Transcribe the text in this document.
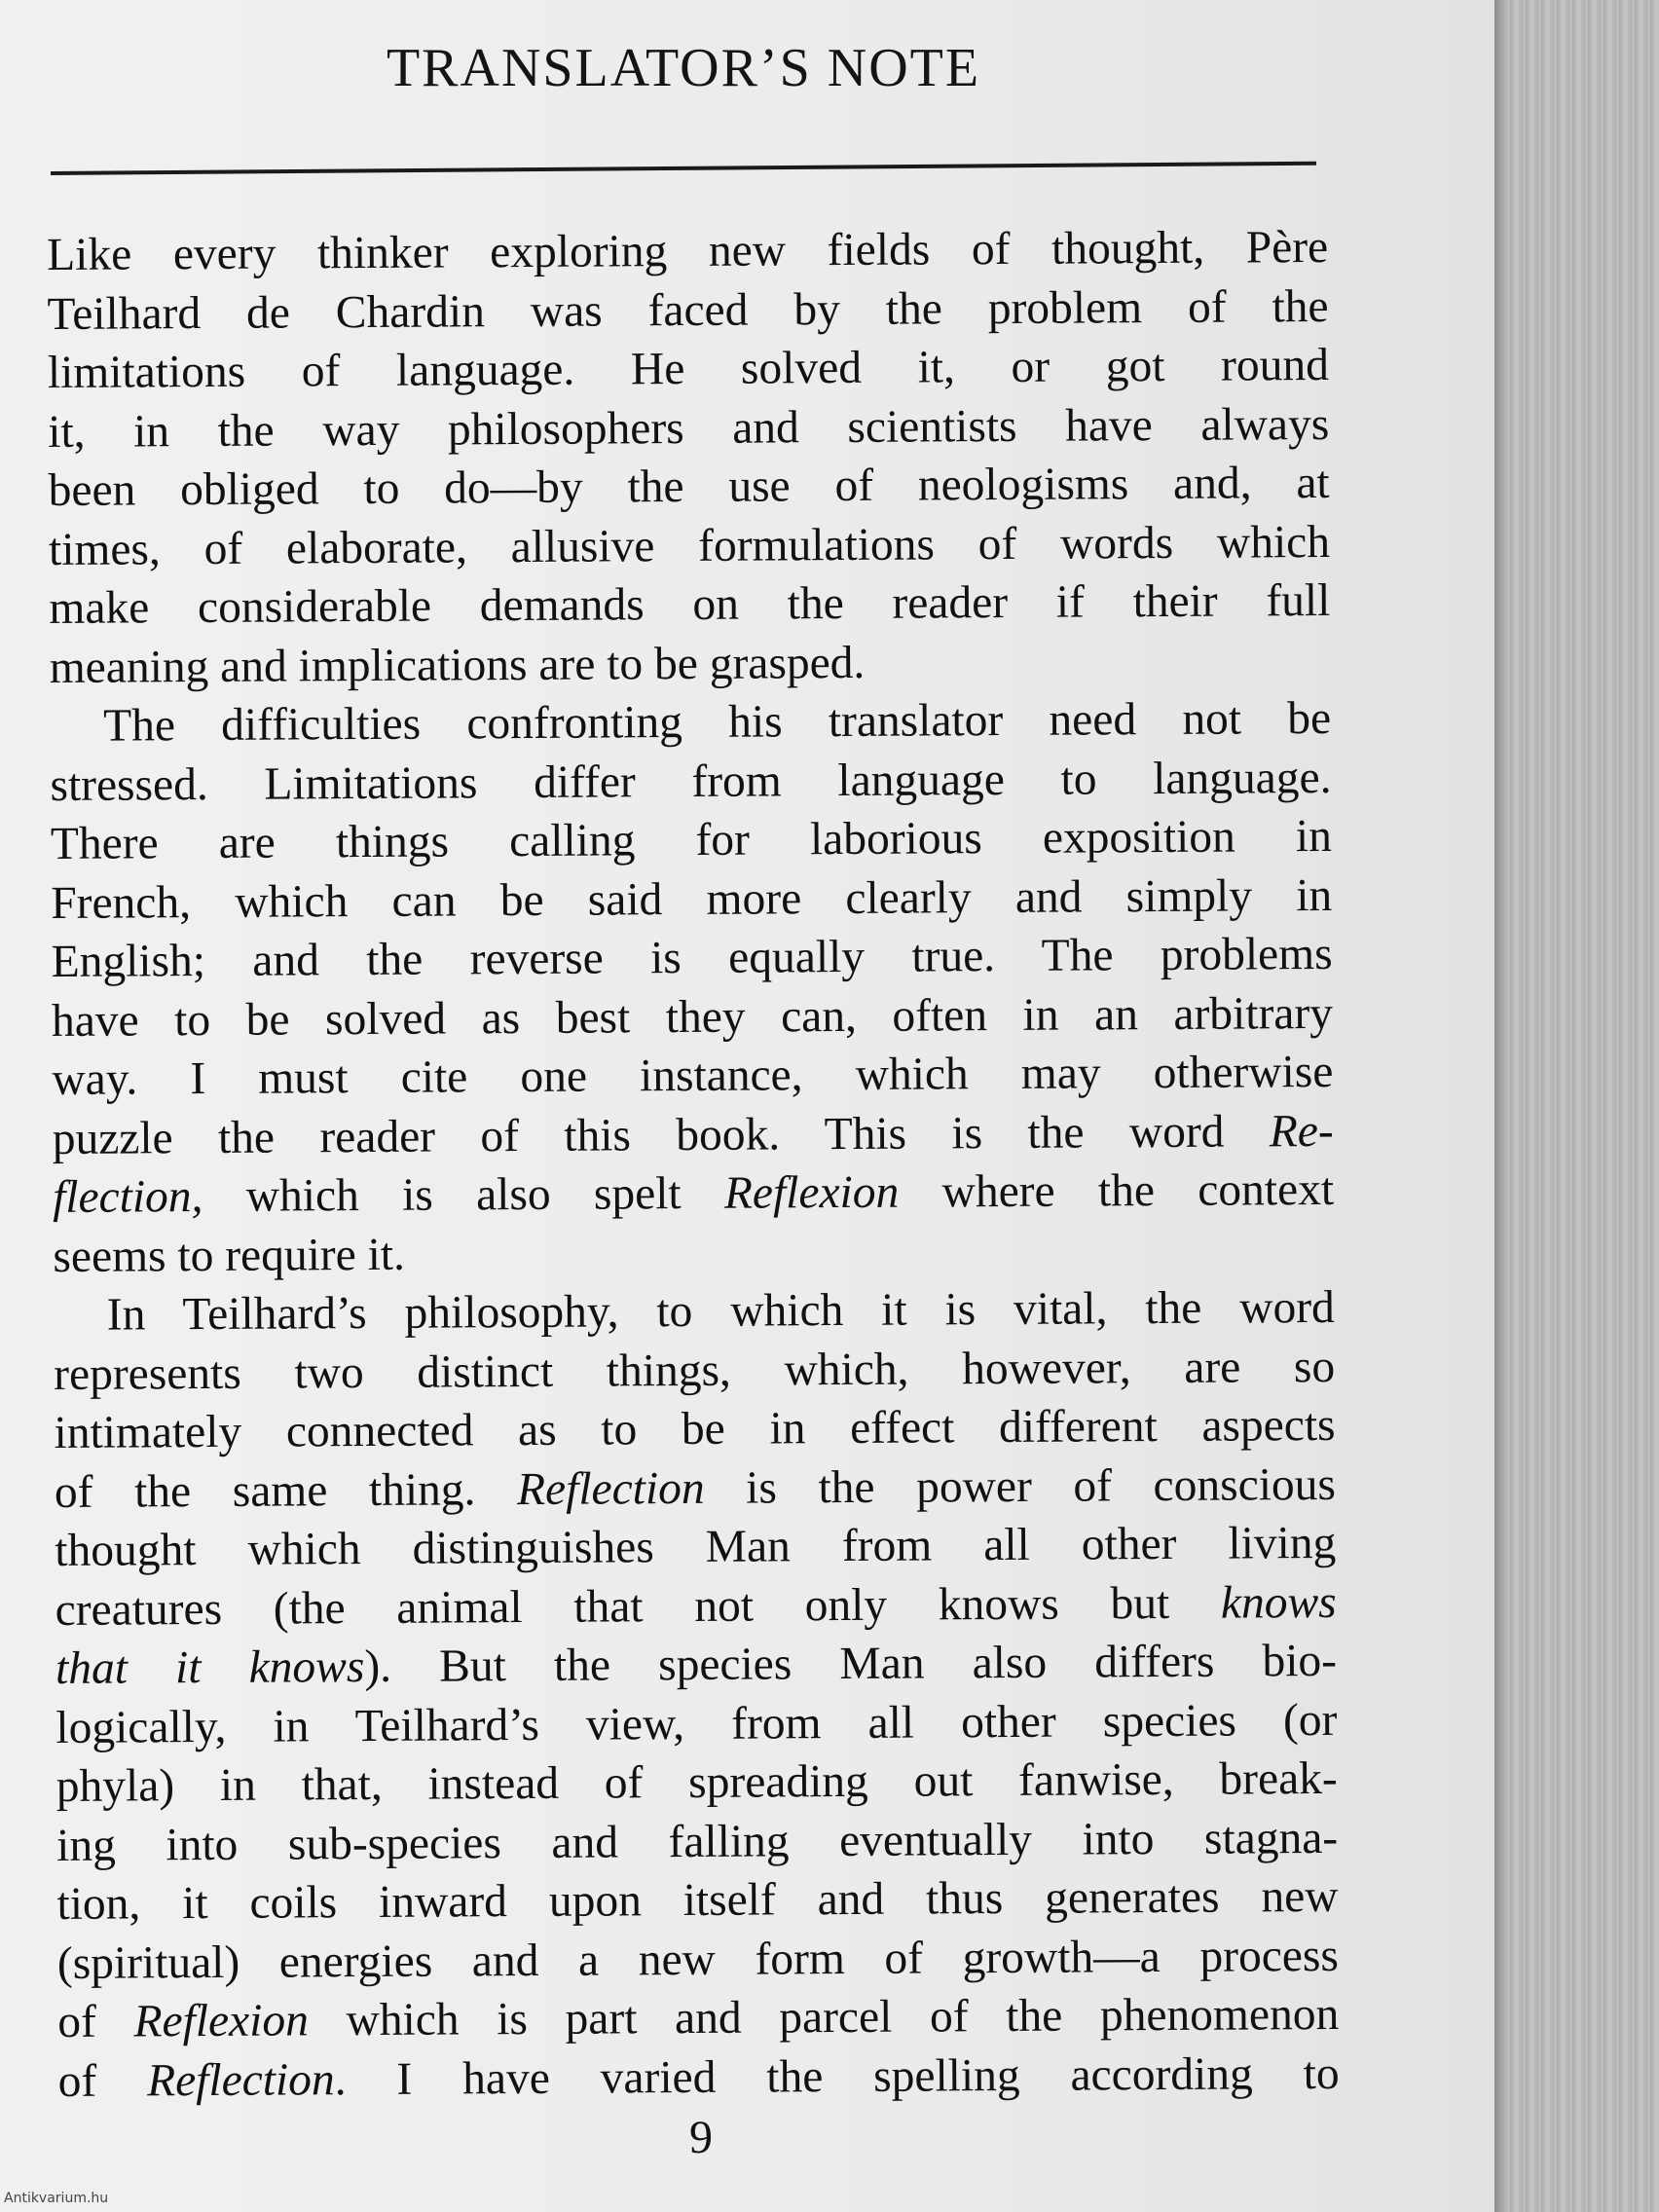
TRANSLATOR’S NOTE
Like every thinker exploring new fields of thought, Père
Teilhard de Chardin was faced by the problem of the
limitations of language. He solved it, or got round
it, in the way philosophers and scientists have always
been obliged to do—by the use of neologisms and, at
times, of elaborate, allusive formulations of words which
make considerable demands on the reader if their full
meaning and implications are to be grasped.
The difficulties confronting his translator need not be
stressed. Limitations differ from language to language.
There are things calling for laborious exposition in
French, which can be said more clearly and simply in
English; and the reverse is equally true. The problems
have to be solved as best they can, often in an arbitrary
way. I must cite one instance, which may otherwise
puzzle the reader of this book. This is the word Re-
flection, which is also spelt Reflexion where the context
seems to require it.
In Teilhard’s philosophy, to which it is vital, the word
represents two distinct things, which, however, are so
intimately connected as to be in effect different aspects
of the same thing. Reflection is the power of conscious
thought which distinguishes Man from all other living
creatures (the animal that not only knows but knows
that it knows). But the species Man also differs bio-
logically, in Teilhard’s view, from all other species (or
phyla) in that, instead of spreading out fanwise, break-
ing into sub-species and falling eventually into stagna-
tion, it coils inward upon itself and thus generates new
(spiritual) energies and a new form of growth—a process
of Reflexion which is part and parcel of the phenomenon
of Reflection. I have varied the spelling according to
9
Antikvarium.hu
